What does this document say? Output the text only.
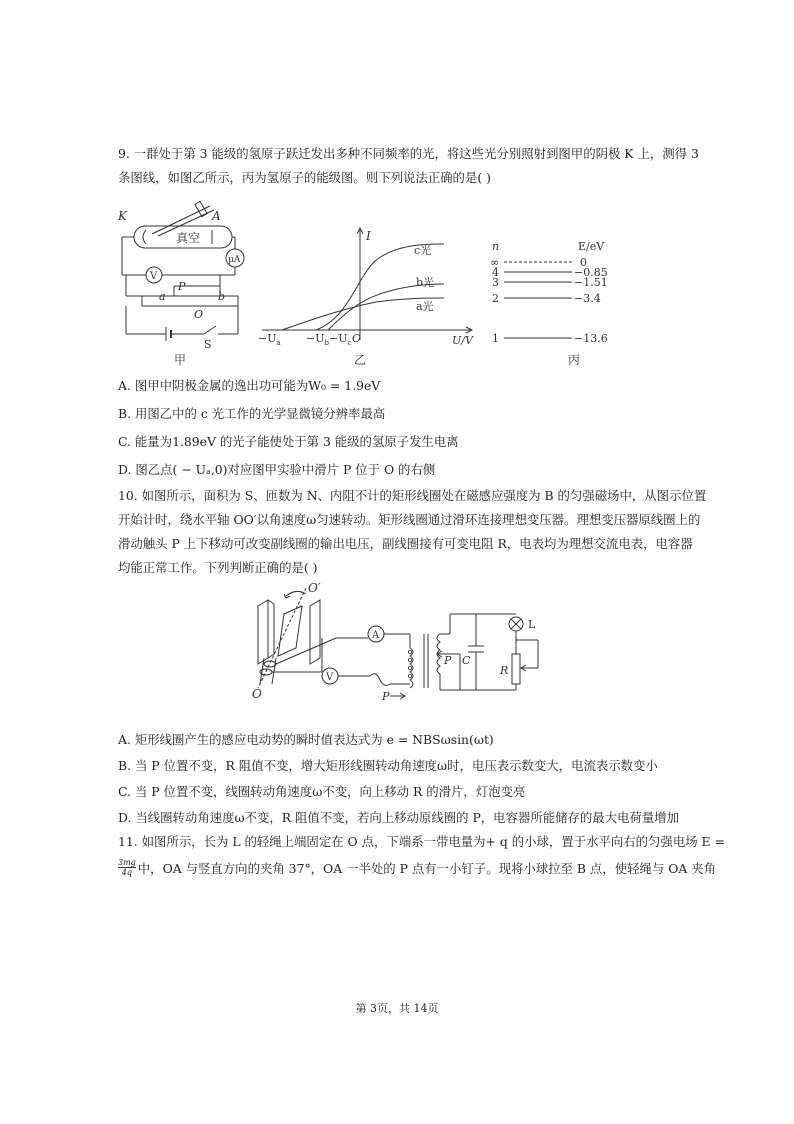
9. 一群处于第 3 能级的氢原子跃迁发出多种不同频率的光，将这些光分别照射到图甲的阴极 K 上，测得 3
条图线，如图乙所示，丙为氢原子的能级图。则下列说法正确的是( )
K	A
真空
μA
V
P
a	b
O
S
甲
I
U/V
c光
b光
a光
$-U_a -U_b-U_c$ O
乙
n	E/eV
∞	0
4	−0.85
3	−1.51
2	−3.4
1	−13.6
丙
A. 图甲中阴极金属的逸出功可能为W₀ = 1.9eV
B. 用图乙中的 c 光工作的光学显微镜分辨率最高
C. 能量为1.89eV 的光子能使处于第 3 能级的氢原子发生电离
D. 图乙点( − Uₐ,0)对应图甲实验中滑片 P 位于 O 的右侧
10. 如图所示，面积为 S、匝数为 N、内阻不计的矩形线圈处在磁感应强度为 B 的匀强磁场中，从图示位置
开始计时，绕水平轴 OO′以角速度ω匀速转动。矩形线圈通过滑环连接理想变压器。理想变压器原线圈上的
滑动触头 P 上下移动可改变副线圈的输出电压，副线圈接有可变电阻 R，电表均为理想交流电表，电容器
均能正常工作。下列判断正确的是( )
O′
O
A
V
P
P
C
L
R
A. 矩形线圈产生的感应电动势的瞬时值表达式为 e = NBSωsin(ωt)
B. 当 P 位置不变，R 阻值不变，增大矩形线圈转动角速度ω时，电压表示数变大，电流表示数变小
C. 当 P 位置不变，线圈转动角速度ω不变，向上移动 R 的滑片，灯泡变亮
D. 当线圈转动角速度ω不变，R 阻值不变，若向上移动原线圈的 P，电容器所能储存的最大电荷量增加
11. 如图所示，长为 L 的轻绳上端固定在 O 点，下端系一带电量为+ q 的小球，置于水平向右的匀强电场 E =
$\frac{3mg}{4q}$ 中，OA 与竖直方向的夹角 37°，OA 一半处的 P 点有一小钉子。现将小球拉至 B 点，使轻绳与 OA 夹角
第 3页，共 14页
